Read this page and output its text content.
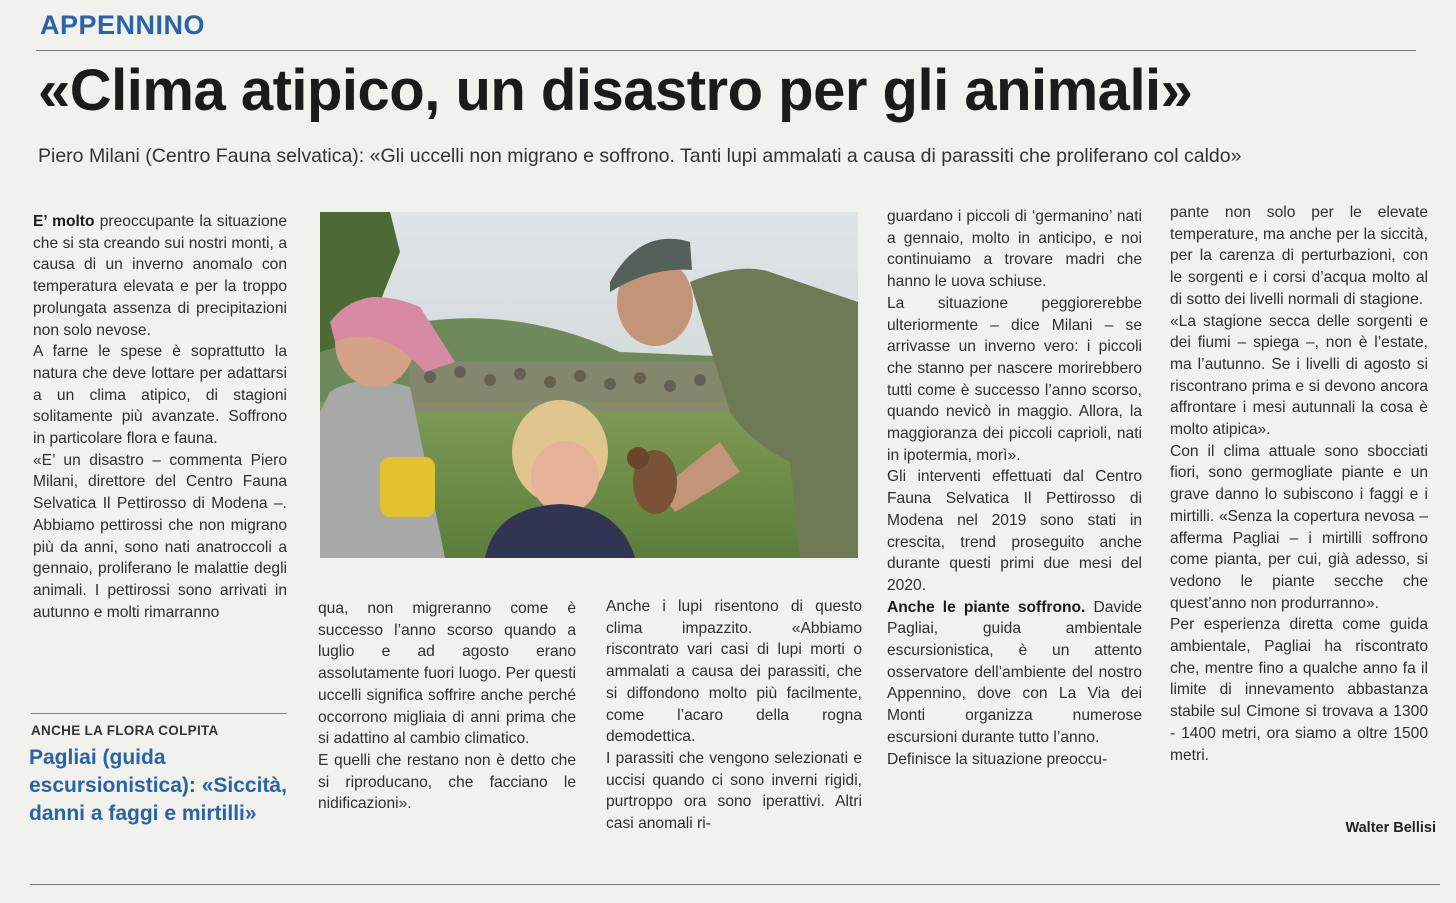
APPENNINO
«Clima atipico, un disastro per gli animali»
Piero Milani (Centro Fauna selvatica): «Gli uccelli non migrano e soffrono. Tanti lupi ammalati a causa di parassiti che proliferano col caldo»

E’ molto preoccupante la situazione che si sta creando sui nostri monti, a causa di un inverno anomalo con temperatura elevata e per la troppo prolungata assenza di precipitazioni non solo nevose.

A farne le spese è soprattutto la natura che deve lottare per adattarsi a un clima atipico, di stagioni solitamente più avanzate. Soffrono in particolare flora e fauna.

«E’ un disastro – commenta Piero Milani, direttore del Centro Fauna Selvatica Il Pettirosso di Modena –. Abbiamo pettirossi che non migrano più da anni, sono nati anatroccoli a gennaio, proliferano le malattie degli animali. I pettirossi sono arrivati in autunno e molti rimarranno	qua, non migreranno come è successo l’anno scorso quando a luglio e ad agosto erano assolutamente fuori luogo. Per questi uccelli significa soffrire anche perché occorrono migliaia di anni prima che si adattino al cambio climatico.

E quelli che restano non è detto che si riproducano, che facciano le nidificazioni».

Anche i lupi risentono di questo clima impazzito. «Abbiamo riscontrato vari casi di lupi morti o ammalati a causa dei parassiti, che si diffondono molto più facilmente, come l’acaro della rogna demodettica.

I parassiti che vengono selezionati e uccisi quando ci sono inverni rigidi, purtroppo ora sono iperattivi. Altri casi anomali ri-

guardano i piccoli di ‘germanino’ nati a gennaio, molto in anticipo, e noi continuiamo a trovare madri che hanno le uova schiuse.

La situazione peggiorerebbe ulteriormente – dice Milani – se arrivasse un inverno vero: i piccoli che stanno per nascere morirebbero tutti come è successo l’anno scorso, quando nevicò in maggio. Allora, la maggioranza dei piccoli caprioli, nati in ipotermia, morì».

Gli interventi effettuati dal Centro Fauna Selvatica Il Pettirosso di Modena nel 2019 sono stati in crescita, trend proseguito anche durante questi primi due mesi del 2020.

Anche le piante soffrono. Davide Pagliai, guida ambientale escursionistica, è un attento osservatore dell’ambiente del nostro Appennino, dove con La Via dei Monti organizza numerose escursioni durante tutto l’anno.

Definisce la situazione preoccu-

pante non solo per le elevate temperature, ma anche per la siccità, per la carenza di perturbazioni, con le sorgenti e i corsi d’acqua molto al di sotto dei livelli normali di stagione.

«La stagione secca delle sorgenti e dei fiumi – spiega –, non è l’estate, ma l’autunno. Se i livelli di agosto si riscontrano prima e si devono ancora affrontare i mesi autunnali la cosa è molto atipica».

Con il clima attuale sono sbocciati fiori, sono germogliate piante e un grave danno lo subiscono i faggi e i mirtilli. «Senza la copertura nevosa – afferma Pagliai – i mirtilli soffrono come pianta, per cui, già adesso, si vedono le piante secche che quest’anno non produrranno».

Per esperienza diretta come guida ambientale, Pagliai ha riscontrato che, mentre fino a qualche anno fa il limite di innevamento abbastanza stabile sul Cimone si trovava a 1300 - 1400 metri, ora siamo a oltre 1500 metri.

ANCHE LA FLORA COLPITA
Pagliai (guida escursionistica): «Siccità, danni a faggi e mirtilli»
Walter Bellisi
